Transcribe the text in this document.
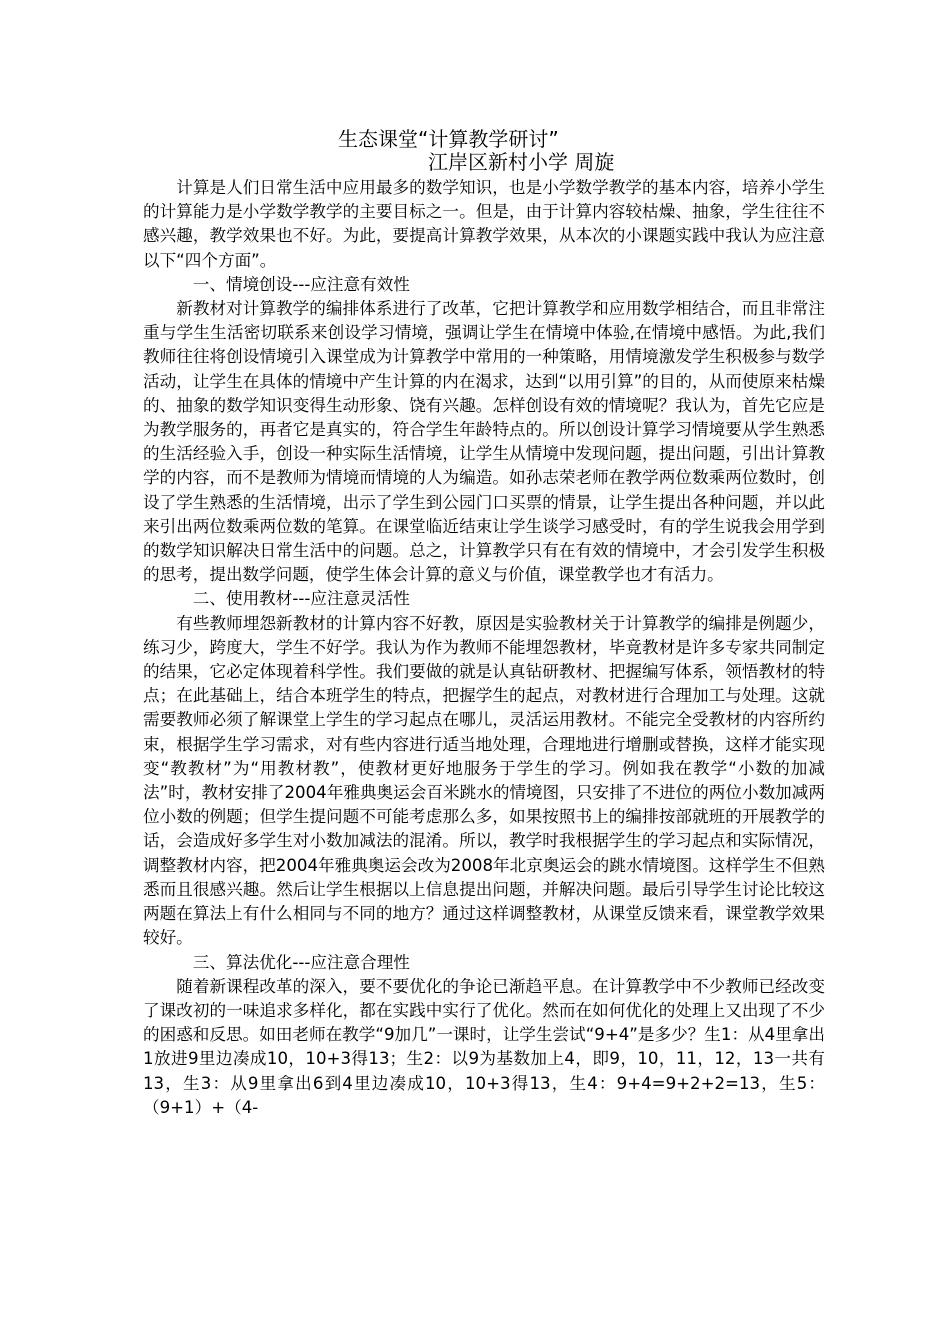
生态课堂“计算教学研讨”
江岸区新村小学 周旋

计算是人们日常生活中应用最多的数学知识，也是小学数学教学的基本内容，培养小学生的计算能力是小学数学教学的主要目标之一。但是，由于计算内容较枯燥、抽象，学生往往不感兴趣，教学效果也不好。为此，要提高计算教学效果，从本次的小课题实践中我认为应注意以下“四个方面”。

一、情境创设---应注意有效性

新教材对计算教学的编排体系进行了改革，它把计算教学和应用数学相结合，而且非常注重与学生生活密切联系来创设学习情境，强调让学生在情境中体验,在情境中感悟。为此,我们教师往往将创设情境引入课堂成为计算教学中常用的一种策略，用情境激发学生积极参与数学活动，让学生在具体的情境中产生计算的内在渴求，达到“以用引算”的目的，从而使原来枯燥的、抽象的数学知识变得生动形象、饶有兴趣。怎样创设有效的情境呢？我认为，首先它应是为教学服务的，再者它是真实的，符合学生年龄特点的。所以创设计算学习情境要从学生熟悉的生活经验入手，创设一种实际生活情境，让学生从情境中发现问题，提出问题，引出计算教学的内容，而不是教师为情境而情境的人为编造。如孙志荣老师在教学两位数乘两位数时，创设了学生熟悉的生活情境，出示了学生到公园门口买票的情景，让学生提出各种问题，并以此来引出两位数乘两位数的笔算。在课堂临近结束让学生谈学习感受时，有的学生说我会用学到的数学知识解决日常生活中的问题。总之，计算教学只有在有效的情境中，才会引发学生积极的思考，提出数学问题，使学生体会计算的意义与价值，课堂教学也才有活力。

二、使用教材---应注意灵活性

有些教师埋怨新教材的计算内容不好教，原因是实验教材关于计算教学的编排是例题少，练习少，跨度大，学生不好学。我认为作为教师不能埋怨教材，毕竟教材是许多专家共同制定的结果，它必定体现着科学性。我们要做的就是认真钻研教材、把握编写体系，领悟教材的特点；在此基础上，结合本班学生的特点，把握学生的起点，对教材进行合理加工与处理。这就需要教师必须了解课堂上学生的学习起点在哪儿，灵活运用教材。不能完全受教材的内容所约束，根据学生学习需求，对有些内容进行适当地处理，合理地进行增删或替换，这样才能实现变“教教材”为“用教材教”，使教材更好地服务于学生的学习。例如我在教学“小数的加减法”时，教材安排了2004年雅典奥运会百米跳水的情境图，只安排了不进位的两位小数加减两位小数的例题；但学生提问题不可能考虑那么多，如果按照书上的编排按部就班的开展教学的话，会造成好多学生对小数加减法的混淆。所以，教学时我根据学生的学习起点和实际情况，调整教材内容，把2004年雅典奥运会改为2008年北京奥运会的跳水情境图。这样学生不但熟悉而且很感兴趣。然后让学生根据以上信息提出问题，并解决问题。最后引导学生讨论比较这两题在算法上有什么相同与不同的地方？通过这样调整教材，从课堂反馈来看，课堂教学效果较好。

三、算法优化---应注意合理性

随着新课程改革的深入，要不要优化的争论已渐趋平息。在计算教学中不少教师已经改变了课改初的一味追求多样化，都在实践中实行了优化。然而在如何优化的处理上又出现了不少的困惑和反思。如田老师在教学“9加几”一课时，让学生尝试“9+4”是多少？生1：从4里拿出1放进9里边凑成10，10+3得13；生2：以9为基数加上4，即9，10，11，12，13一共有13，生3：从9里拿出6到4里边凑成10，10+3得13，生4：9+4=9+2+2=13，生5：（9+1）+（4-
